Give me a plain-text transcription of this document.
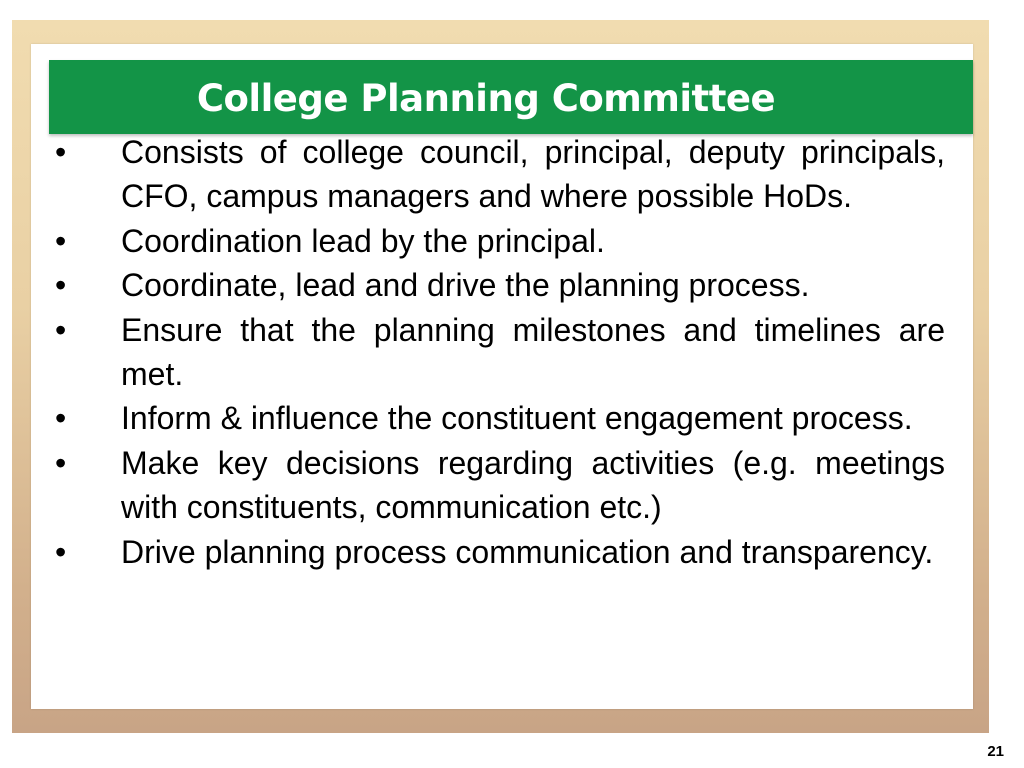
College Planning Committee
• Consists of college council, principal, deputy principals, CFO, campus managers and where possible HoDs.
• Coordination lead by the principal.
• Coordinate, lead and drive the planning process.
• Ensure that the planning milestones and timelines are met.
• Inform & influence the constituent engagement process.
• Make key decisions regarding activities (e.g. meetings with constituents, communication etc.)
• Drive planning process communication and transparency.
21
